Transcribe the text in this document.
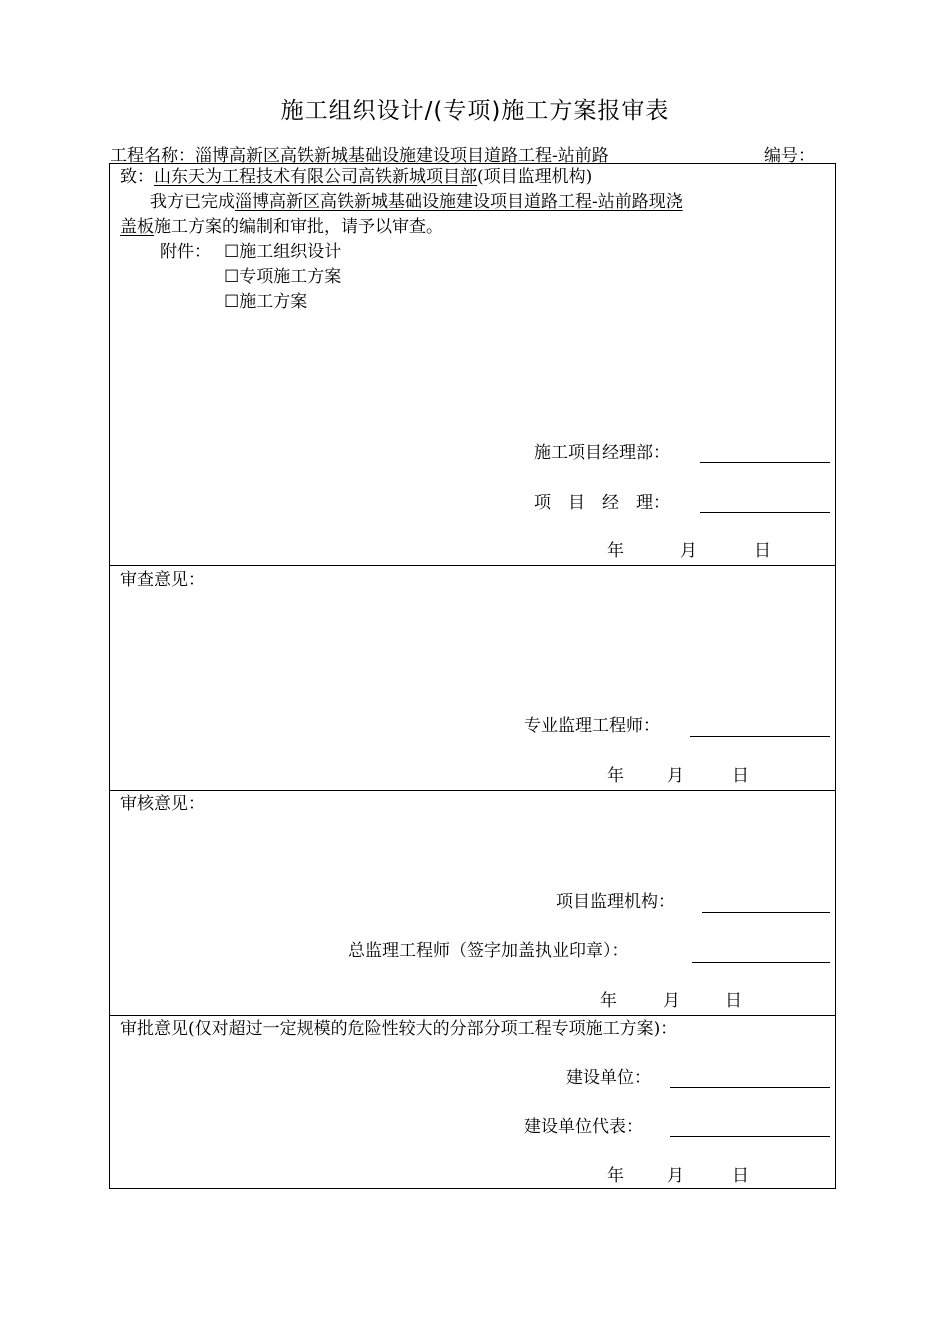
施工组织设计/(专项)施工方案报审表
工程名称：淄博高新区高铁新城基础设施建设项目道路工程-站前路	编号：
致：山东天为工程技术有限公司高铁新城项目部(项目监理机构)
我方已完成淄博高新区高铁新城基础设施建设项目道路工程-站前路现浇
盖板施工方案的编制和审批，请予以审查。
附件： ☐施工组织设计
☐专项施工方案
☐施工方案
施工项目经理部：
项　目　经　理：
年	月	日
审查意见：
专业监理工程师：
年	月	日
审核意见：
项目监理机构：
总监理工程师（签字加盖执业印章）：
年	月	日
审批意见(仅对超过一定规模的危险性较大的分部分项工程专项施工方案)：
建设单位：
建设单位代表：
年	月	日
